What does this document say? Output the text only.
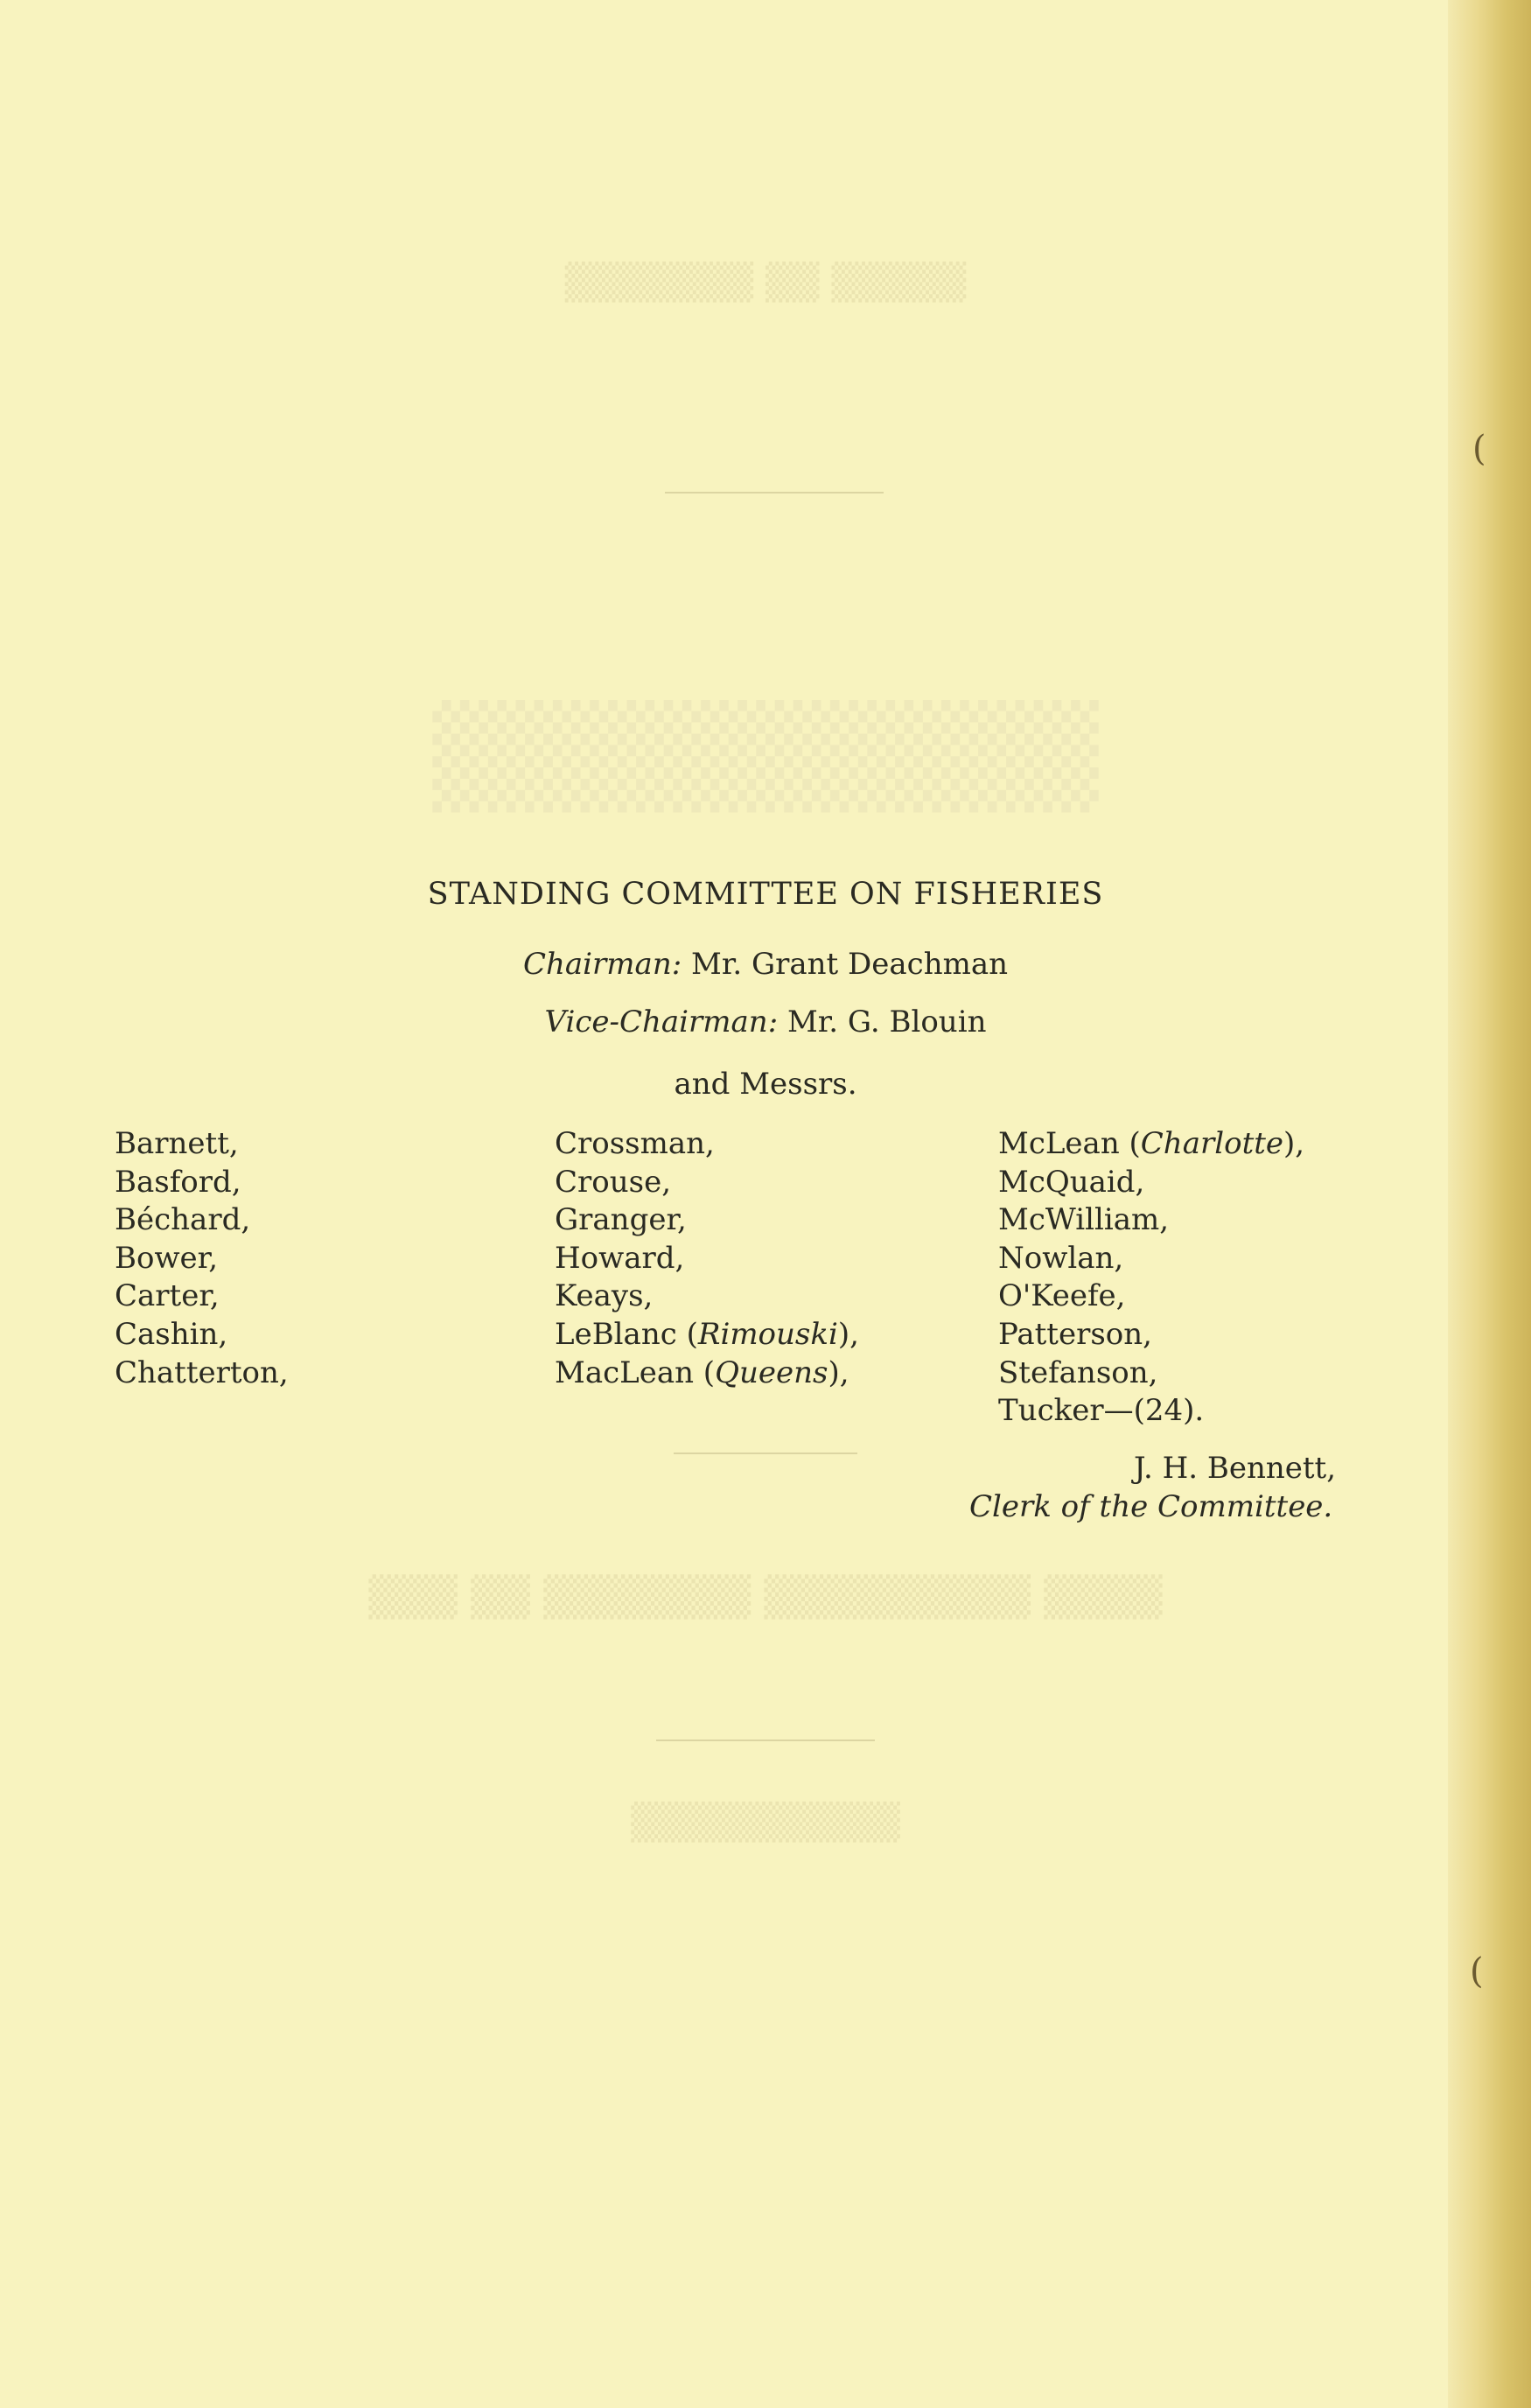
▒▒▒▒▒ ▒▒ ▒▒▒▒▒▒▒
▒▒▒▒▒▒▒▒▒
▒▒▒▒ ▒▒▒▒▒▒▒▒▒ ▒▒▒▒▒▒▒ ▒▒ ▒▒▒
▒▒▒▒▒▒▒▒▒▒
STANDING COMMITTEE ON FISHERIES
Chairman: Mr. Grant Deachman
Vice-Chairman: Mr. G. Blouin
and Messrs.
Barnett,
Basford,
Béchard,
Bower,
Carter,
Cashin,
Chatterton,
Crossman,
Crouse,
Granger,
Howard,
Keays,
LeBlanc (Rimouski),
MacLean (Queens),
McLean (Charlotte),
McQuaid,
McWilliam,
Nowlan,
O'Keefe,
Patterson,
Stefanson,
Tucker—(24).
J. H. Bennett,
Clerk of the Committee.
(
(
